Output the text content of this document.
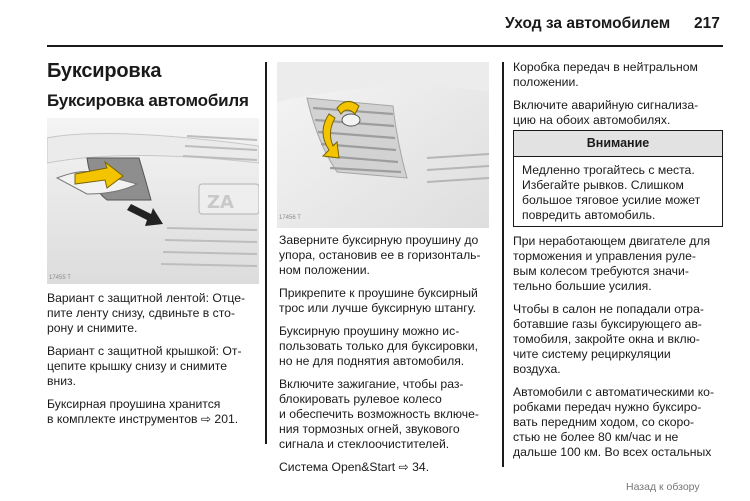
Уход за автомобилем 217
Буксировка
Буксировка автомобиля
ZA
17455 T
17456 T

Вариант с защитной лентой: Отце-
пите ленту снизу, сдвиньте в сто-
рону и снимите.

Вариант с защитной крышкой: От-
цепите крышку снизу и снимите
вниз.

Буксирная проушина хранится
в комплекте инструментов ⇨ 201.

Заверните буксирную проушину до
упора, остановив ее в горизонталь-
ном положении.

Прикрепите к проушине буксирный
трос или лучше буксирную штангу.

Буксирную проушину можно ис-
пользовать только для буксировки,
но не для поднятия автомобиля.

Включите зажигание, чтобы раз-
блокировать рулевое колесо
и обеспечить возможность включе-
ния тормозных огней, звукового
сигнала и стеклоочистителей.

Система Open&Start ⇨ 34.

Коробка передач в нейтральном
положении.

Включите аварийную сигнализа-
цию на обоих автомобилях.

Внимание
Медленно трогайтесь с места.
Избегайте рывков. Слишком
большое тяговое усилие может
повредить автомобиль.

При неработающем двигателе для
торможения и управления руле-
вым колесом требуются значи-
тельно большие усилия.

Чтобы в салон не попадали отра-
ботавшие газы буксирующего ав-
томобиля, закройте окна и вклю-
чите систему рециркуляции
воздуха.

Автомобили с автоматическими ко-
робками передач нужно буксиро-
вать передним ходом, со скоро-
стью не более 80 км/час и не
дальше 100 км. Во всех остальных

Назад к обзору
